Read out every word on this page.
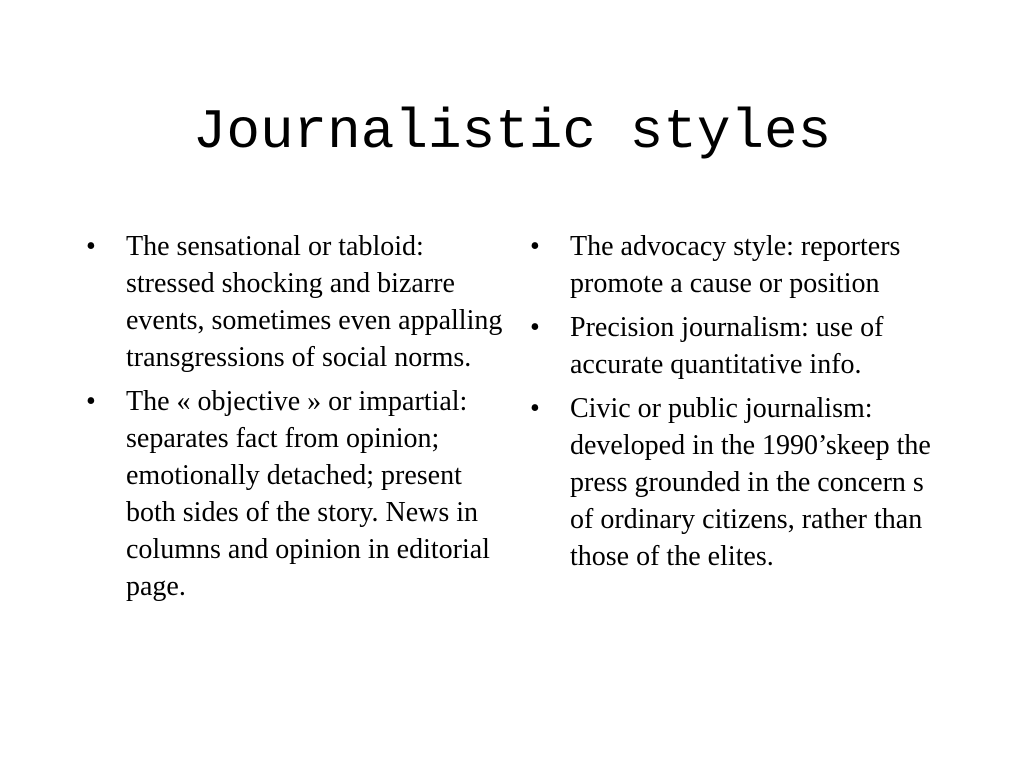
Journalistic styles
•	The sensational or tabloid: stressed shocking and bizarre events, sometimes even appalling transgressions of social norms.
•	The « objective » or impartial: separates fact from opinion; emotionally detached; present both sides of the story. News in columns and opinion in editorial page.
•	The advocacy style: reporters promote a cause or position
•	Precision journalism: use of accurate quantitative info.
•	Civic or public journalism: developed in the 1990’skeep the press grounded in the concern s of ordinary citizens, rather than those of the elites.
